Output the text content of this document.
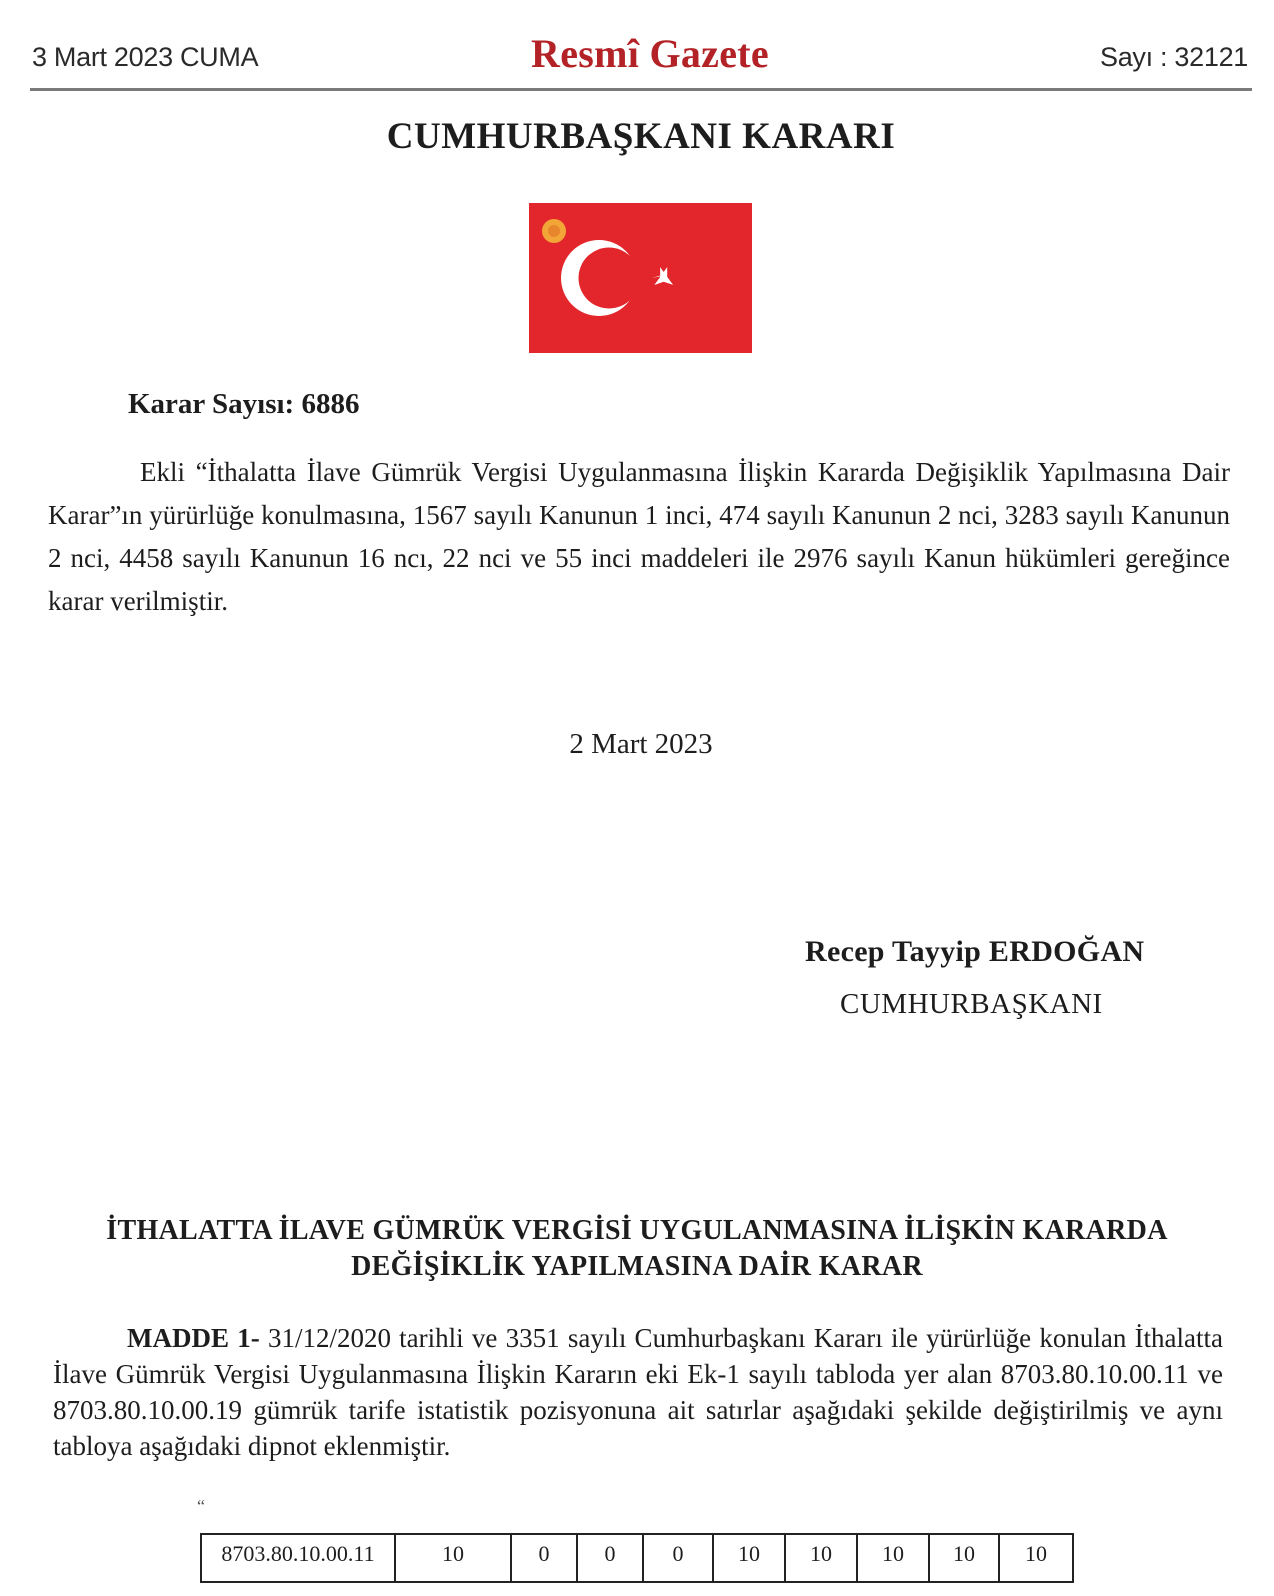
3 Mart 2023 CUMA	Resmî Gazete	Sayı : 32121
CUMHURBAŞKANI KARARI
Karar Sayısı: 6886
Ekli “İthalatta İlave Gümrük Vergisi Uygulanmasına İlişkin Kararda Değişiklik Yapılmasına Dair Karar”ın yürürlüğe konulmasına, 1567 sayılı Kanunun 1 inci, 474 sayılı Kanunun 2 nci, 3283 sayılı Kanunun 2 nci, 4458 sayılı Kanunun 16 ncı, 22 nci ve 55 inci maddeleri ile 2976 sayılı Kanun hükümleri gereğince karar verilmiştir.
2 Mart 2023
Recep Tayyip ERDOĞAN
CUMHURBAŞKANI
İTHALATTA İLAVE GÜMRÜK VERGİSİ UYGULANMASINA İLİŞKİN KARARDA
DEĞİŞİKLİK YAPILMASINA DAİR KARAR
MADDE 1- 31/12/2020 tarihli ve 3351 sayılı Cumhurbaşkanı Kararı ile yürürlüğe konulan İthalatta İlave Gümrük Vergisi Uygulanmasına İlişkin Kararın eki Ek-1 sayılı tabloda yer alan 8703.80.10.00.11 ve 8703.80.10.00.19 gümrük tarife istatistik pozisyonuna ait satırlar aşağıdaki şekilde değiştirilmiş ve aynı tabloya aşağıdaki dipnot eklenmiştir.
“
8703.80.10.00.11	10	0	0	0	10	10	10	10	10
